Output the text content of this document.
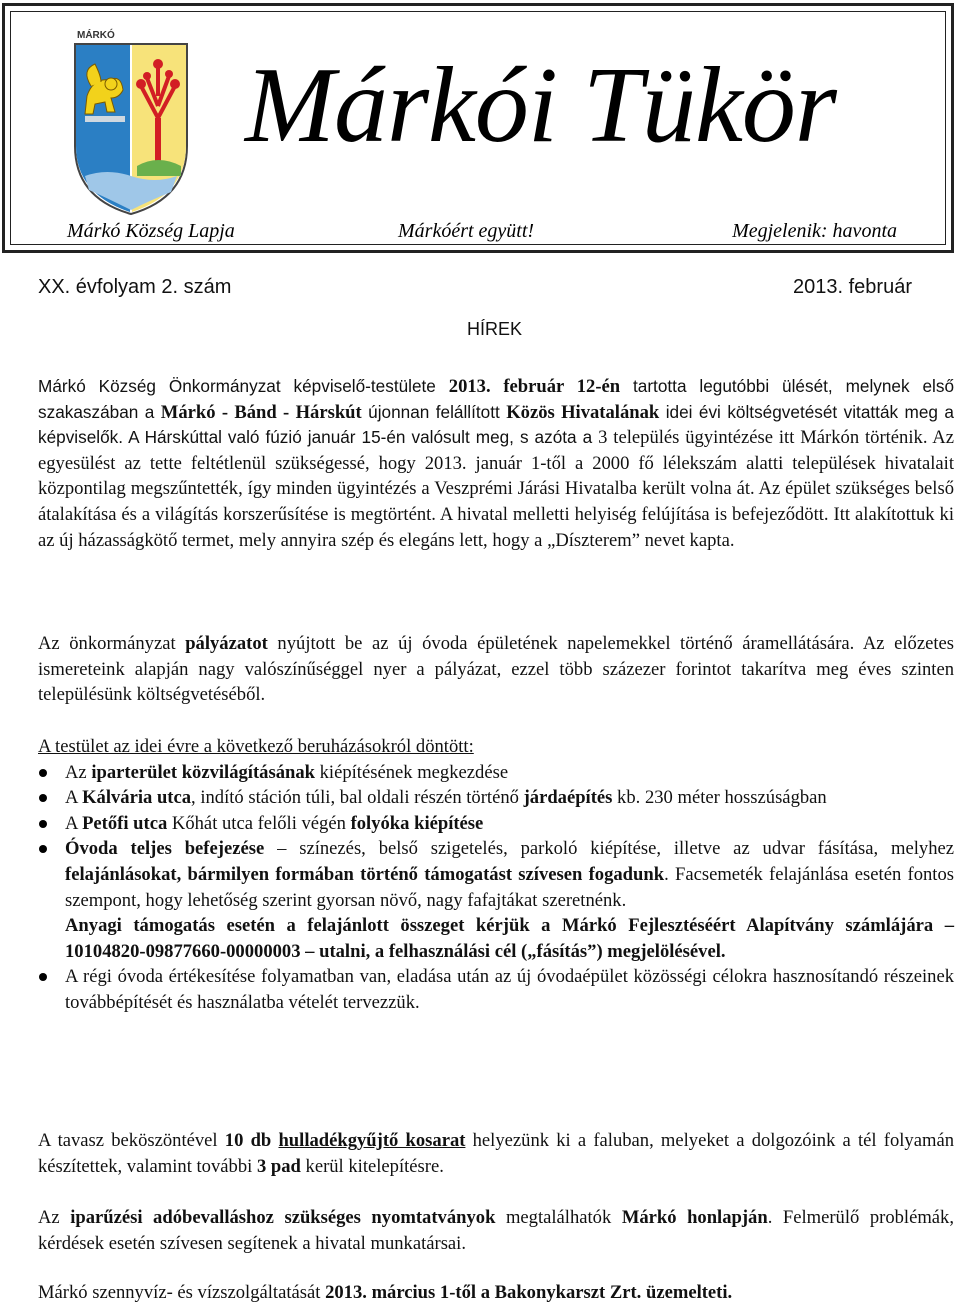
MÁRKÓ
Márkói Tükör
Márkó Község Lapja	Márkóért együtt!	Megjelenik: havonta
XX. évfolyam 2. szám	2013. február
HÍREK

Márkó Község Önkormányzat képviselő-testülete 2013. február 12-én tartotta legutóbbi ülését, melynek első szakaszában a Márkó - Bánd - Hárskút újonnan felállított Közös Hivatalának idei évi költségvetését vitatták meg a képviselők. A Hárskúttal való fúzió január 15-én valósult meg, s azóta a 3 település ügyintézése itt Márkón történik. Az egyesülést az tette feltétlenül szükségessé, hogy 2013. január 1-től a 2000 fő lélekszám alatti települések hivatalait központilag megszűntették, így minden ügyintézés a Veszprémi Járási Hivatalba került volna át. Az épület szükséges belső átalakítása és a világítás korszerűsítése is megtörtént. A hivatal melletti helyiség felújítása is befejeződött. Itt alakítottuk ki az új házasságkötő termet, mely annyira szép és elegáns lett, hogy a „Díszterem” nevet kapta.

Az önkormányzat pályázatot nyújtott be az új óvoda épületének napelemekkel történő áramellátására. Az előzetes ismereteink alapján nagy valószínűséggel nyer a pályázat, ezzel több százezer forintot takarítva meg éves szinten településünk költségvetéséből.

A testület az idei évre a következő beruházásokról döntött:

Az iparterület közvilágításának kiépítésének megkezdése
A Kálvária utca, indító stáción túli, bal oldali részén történő járdaépítés kb. 230 méter hosszúságban
A Petőfi utca Kőhát utca felőli végén folyóka kiépítése
Óvoda teljes befejezése – színezés, belső szigetelés, parkoló kiépítése, illetve az udvar fásítása, melyhez felajánlásokat, bármilyen formában történő támogatást szívesen fogadunk. Facsemeték felajánlása esetén fontos szempont, hogy lehetőség szerint gyorsan növő, nagy fafajtákat szeretnénk.
Anyagi támogatás esetén a felajánlott összeget kérjük a Márkó Fejlesztéséért Alapítvány számlájára – 10104820-09877660-00000003 – utalni, a felhasználási cél („fásítás”) megjelölésével.
A régi óvoda értékesítése folyamatban van, eladása után az új óvodaépület közösségi célokra hasznosítandó részeinek továbbépítését és használatba vételét tervezzük.

A tavasz beköszöntével 10 db hulladékgyűjtő kosarat helyezünk ki a faluban, melyeket a dolgozóink a tél folyamán készítettek, valamint további 3 pad kerül kitelepítésre.

Az iparűzési adóbevalláshoz szükséges nyomtatványok megtalálhatók Márkó honlapján. Felmerülő problémák, kérdések esetén szívesen segítenek a hivatal munkatársai.

Márkó szennyvíz- és vízszolgáltatását 2013. március 1-től a Bakonykarszt Zrt. üzemelteti.
